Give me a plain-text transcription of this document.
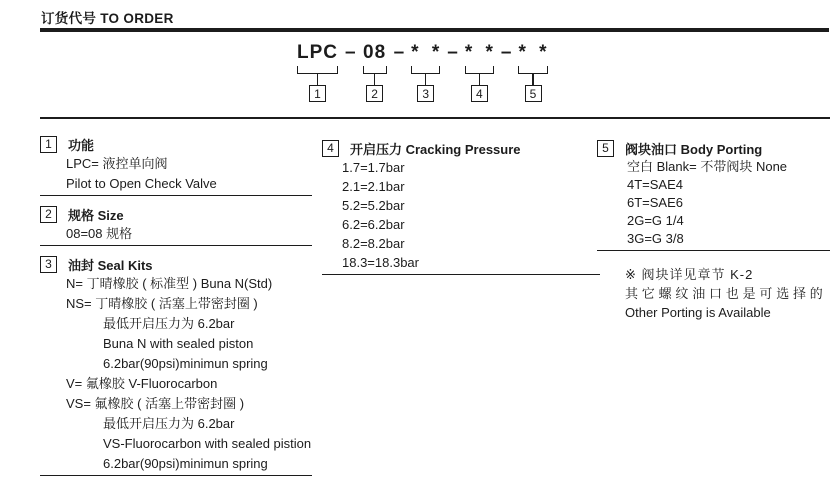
订货代号 TO ORDER
LPC
1
– 08
2
– * *
3
– * *
4
– * *
5
1	功能
LPC= 液控单向阀
Pilot to Open Check Valve
2	规格 Size
08=08 规格
3	油封 Seal Kits
N= 丁晴橡胶 ( 标准型 ) Buna N(Std)
NS= 丁晴橡胶 ( 活塞上带密封圈 )
最低开启压力为 6.2bar
Buna N with sealed piston
6.2bar(90psi)minimun spring
V= 氟橡胶 V-Fluorocarbon
VS= 氟橡胶 ( 活塞上带密封圈 )
最低开启压力为 6.2bar
VS-Fluorocarbon with sealed pistion
6.2bar(90psi)minimun spring
4	开启压力 Cracking Pressure
1.7=1.7bar
2.1=2.1bar
5.2=5.2bar
6.2=6.2bar
8.2=8.2bar
18.3=18.3bar
5	阀块油口 Body Porting
空白 Blank= 不带阀块 None
4T=SAE4
6T=SAE6
2G=G 1/4
3G=G 3/8
※ 阀块详见章节 K-2
其它螺纹油口也是可选择的
Other Porting is Available
